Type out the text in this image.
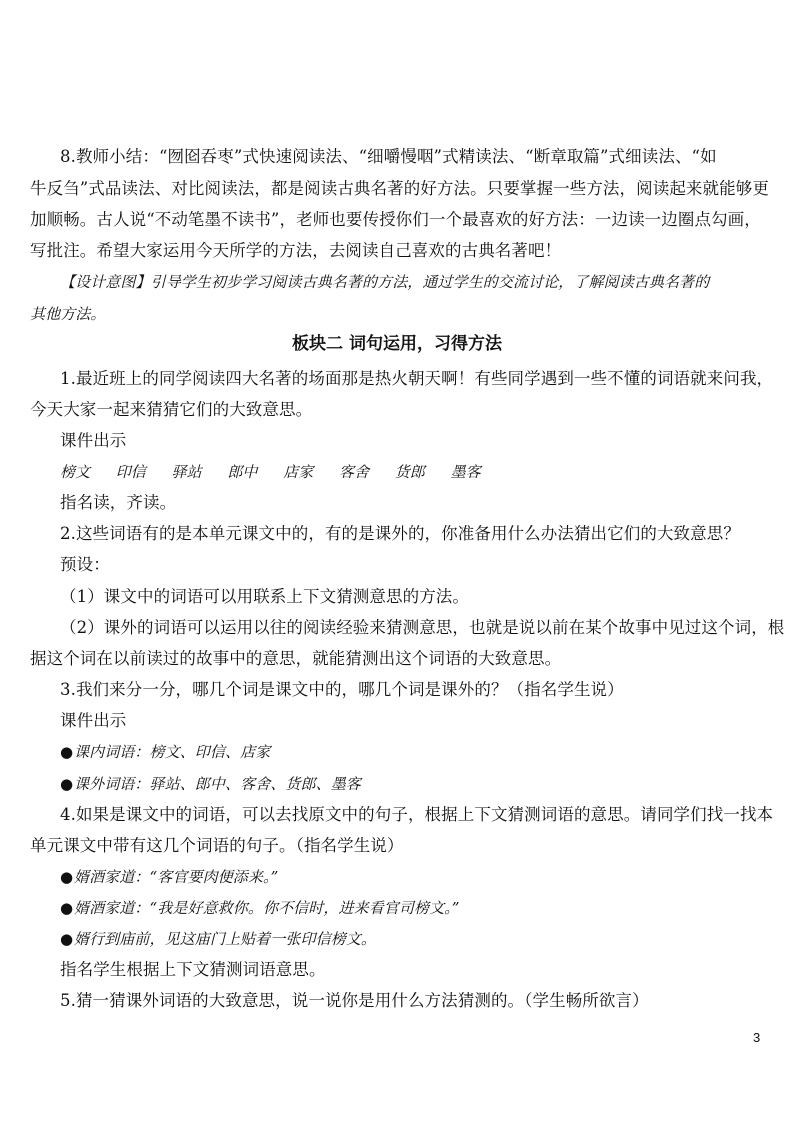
8.教师小结：“囫囵吞枣”式快速阅读法、“细嚼慢咽”式精读法、“断章取篇”式细读法、“如
牛反刍”式品读法、对比阅读法，都是阅读古典名著的好方法。只要掌握一些方法，阅读起来就能够更
加顺畅。古人说“不动笔墨不读书”，老师也要传授你们一个最喜欢的好方法：一边读一边圈点勾画，
写批注。希望大家运用今天所学的方法，去阅读自己喜欢的古典名著吧！
【设计意图】引导学生初步学习阅读古典名著的方法，通过学生的交流讨论，了解阅读古典名著的
其他方法。
板块二 词句运用，习得方法
1.最近班上的同学阅读四大名著的场面那是热火朝天啊！有些同学遇到一些不懂的词语就来问我，
今天大家一起来猜猜它们的大致意思。
课件出示
榜文 印信 驿站 郎中 店家 客舍 货郎 墨客
指名读，齐读。
2.这些词语有的是本单元课文中的，有的是课外的，你准备用什么办法猜出它们的大致意思？
预设：
（1）课文中的词语可以用联系上下文猜测意思的方法。
（2）课外的词语可以运用以往的阅读经验来猜测意思，也就是说以前在某个故事中见过这个词，根
据这个词在以前读过的故事中的意思，就能猜测出这个词语的大致意思。
3.我们来分一分，哪几个词是课文中的，哪几个词是课外的？（指名学生说）
课件出示
●课内词语：榜文、印信、店家
●课外词语：驿站、郎中、客舍、货郎、墨客
4.如果是课文中的词语，可以去找原文中的句子，根据上下文猜测词语的意思。请同学们找一找本
单元课文中带有这几个词语的句子。（指名学生说）
●婿酒家道：“客官要肉便添来。”
●婿酒家道：“我是好意救你。你不信时，进来看官司榜文。”
●婿行到庙前，见这庙门上贴着一张印信榜文。
指名学生根据上下文猜测词语意思。
5.猜一猜课外词语的大致意思，说一说你是用什么方法猜测的。（学生畅所欲言）
3
